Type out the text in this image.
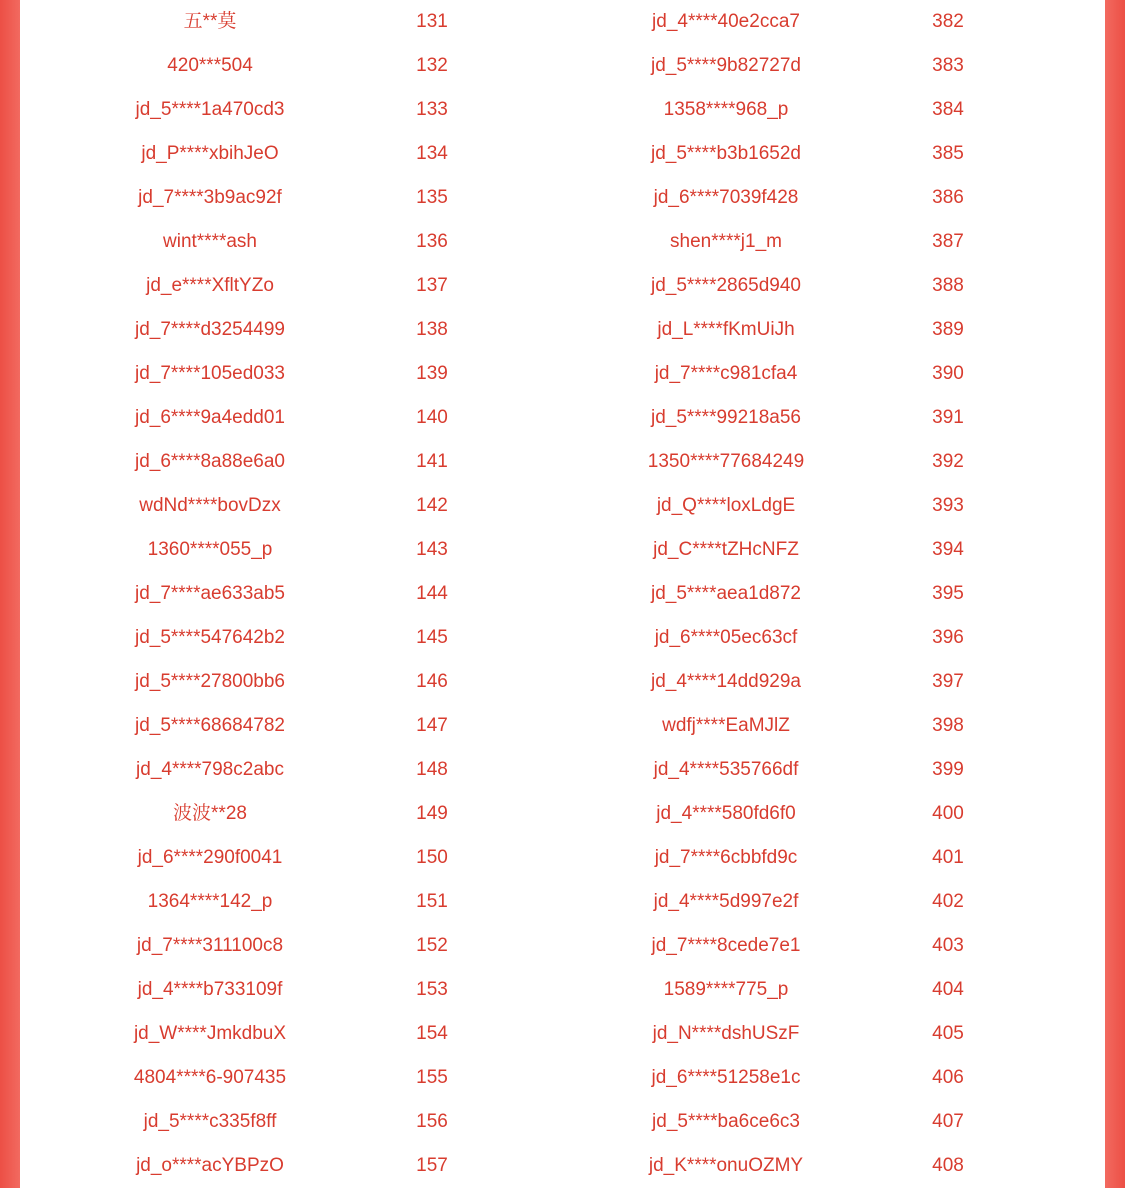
五**莫	131	jd_4****40e2cca7	382
420***504	132	jd_5****9b82727d	383
jd_5****1a470cd3	133	1358****968_p	384
jd_P****xbihJeO	134	jd_5****b3b1652d	385
jd_7****3b9ac92f	135	jd_6****7039f428	386
wint****ash	136	shen****j1_m	387
jd_e****XfltYZo	137	jd_5****2865d940	388
jd_7****d3254499	138	jd_L****fKmUiJh	389
jd_7****105ed033	139	jd_7****c981cfa4	390
jd_6****9a4edd01	140	jd_5****99218a56	391
jd_6****8a88e6a0	141	1350****77684249	392
wdNd****bovDzx	142	jd_Q****loxLdgE	393
1360****055_p	143	jd_C****tZHcNFZ	394
jd_7****ae633ab5	144	jd_5****aea1d872	395
jd_5****547642b2	145	jd_6****05ec63cf	396
jd_5****27800bb6	146	jd_4****14dd929a	397
jd_5****68684782	147	wdfj****EaMJlZ	398
jd_4****798c2abc	148	jd_4****535766df	399
波波**28	149	jd_4****580fd6f0	400
jd_6****290f0041	150	jd_7****6cbbfd9c	401
1364****142_p	151	jd_4****5d997e2f	402
jd_7****311100c8	152	jd_7****8cede7e1	403
jd_4****b733109f	153	1589****775_p	404
jd_W****JmkdbuX	154	jd_N****dshUSzF	405
4804****6-907435	155	jd_6****51258e1c	406
jd_5****c335f8ff	156	jd_5****ba6ce6c3	407
jd_o****acYBPzO	157	jd_K****onuOZMY	408
